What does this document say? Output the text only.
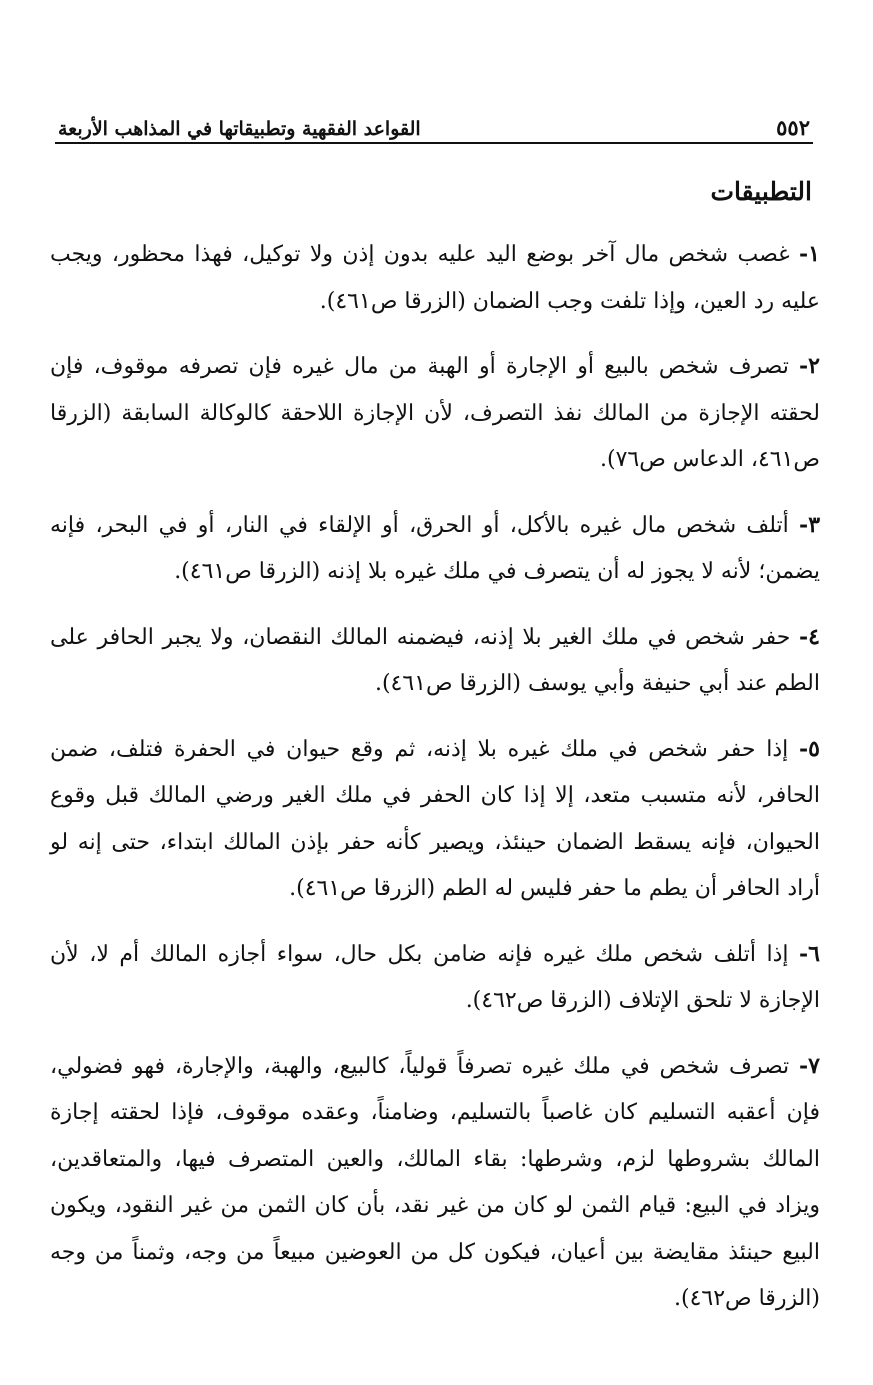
٥٥٢
القواعد الفقهية وتطبيقاتها في المذاهب الأربعة
التطبيقات

١- غصب شخص مال آخر بوضع اليد عليه بدون إذن ولا توكيل، فهذا محظور، ويجب عليه رد العين، وإذا تلفت وجب الضمان (الزرقا ص٤٦١).

٢- تصرف شخص بالبيع أو الإجارة أو الهبة من مال غيره فإن تصرفه موقوف، فإن لحقته الإجازة من المالك نفذ التصرف، لأن الإجازة اللاحقة كالوكالة السابقة (الزرقا ص٤٦١، الدعاس ص٧٦).

٣- أتلف شخص مال غيره بالأكل، أو الحرق، أو الإلقاء في النار، أو في البحر، فإنه يضمن؛ لأنه لا يجوز له أن يتصرف في ملك غيره بلا إذنه (الزرقا ص٤٦١).

٤- حفر شخص في ملك الغير بلا إذنه، فيضمنه المالك النقصان، ولا يجبر الحافر على الطم عند أبي حنيفة وأبي يوسف (الزرقا ص٤٦١).

٥- إذا حفر شخص في ملك غيره بلا إذنه، ثم وقع حيوان في الحفرة فتلف، ضمن الحافر، لأنه متسبب متعد، إلا إذا كان الحفر في ملك الغير ورضي المالك قبل وقوع الحيوان، فإنه يسقط الضمان حينئذ، ويصير كأنه حفر بإذن المالك ابتداء، حتى إنه لو أراد الحافر أن يطم ما حفر فليس له الطم (الزرقا ص٤٦١).

٦- إذا أتلف شخص ملك غيره فإنه ضامن بكل حال، سواء أجازه المالك أم لا، لأن الإجازة لا تلحق الإتلاف (الزرقا ص٤٦٢).

٧- تصرف شخص في ملك غيره تصرفاً قولياً، كالبيع، والهبة، والإجارة، فهو فضولي، فإن أعقبه التسليم كان غاصباً بالتسليم، وضامناً، وعقده موقوف، فإذا لحقته إجازة المالك بشروطها لزم، وشرطها: بقاء المالك، والعين المتصرف فيها، والمتعاقدين، ويزاد في البيع: قيام الثمن لو كان من غير نقد، بأن كان الثمن من غير النقود، ويكون البيع حينئذ مقايضة بين أعيان، فيكون كل من العوضين مبيعاً من وجه، وثمناً من وجه (الزرقا ص٤٦٢).
